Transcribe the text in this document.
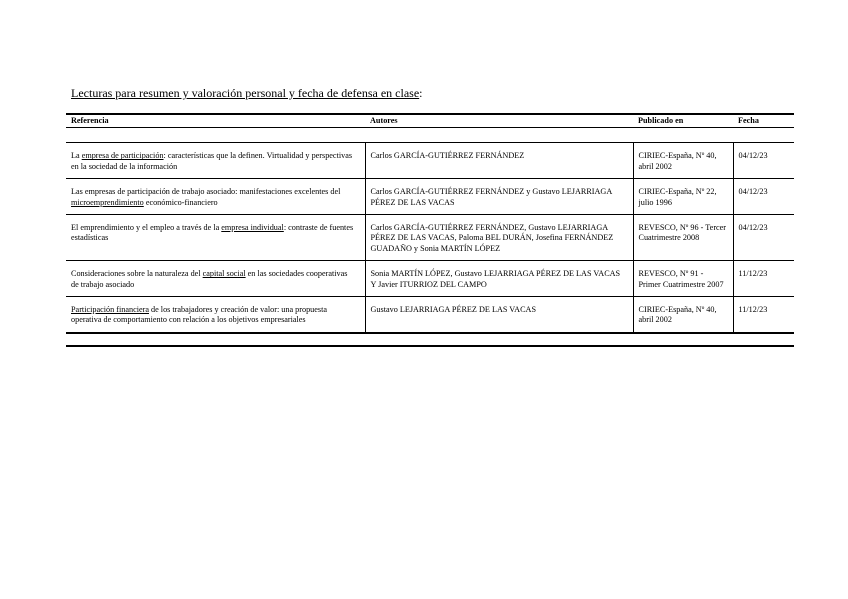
Lecturas para resumen y valoración personal y fecha de defensa en clase:
Referencia	Autores	Publicado en	Fecha

La empresa de participación: características que la definen. Virtualidad y perspectivas en la sociedad de la información	Carlos GARCÍA-GUTIÉRREZ FERNÁNDEZ	CIRIEC-España, Nº 40, abril 2002	04/12/23
Las empresas de participación de trabajo asociado: manifestaciones excelentes del microemprendimiento económico-financiero	Carlos GARCÍA-GUTIÉRREZ FERNÁNDEZ y Gustavo LEJARRIAGA PÉREZ DE LAS VACAS	CIRIEC-España, Nº 22, julio 1996	04/12/23
El emprendimiento y el empleo a través de la empresa individual: contraste de fuentes estadísticas	Carlos GARCÍA-GUTIÉRREZ FERNÁNDEZ, Gustavo LEJARRIAGA PÉREZ DE LAS VACAS, Paloma BEL DURÁN, Josefina FERNÁNDEZ GUADAÑO y Sonia MARTÍN LÓPEZ	REVESCO, Nº 96 - Tercer Cuatrimestre 2008	04/12/23
Consideraciones sobre la naturaleza del capital social en las sociedades cooperativas de trabajo asociado	Sonia MARTÍN LÓPEZ, Gustavo LEJARRIAGA PÉREZ DE LAS VACAS Y Javier ITURRIOZ DEL CAMPO	REVESCO, Nº 91 - Primer Cuatrimestre 2007	11/12/23
Participación financiera de los trabajadores y creación de valor: una propuesta operativa de comportamiento con relación a los objetivos empresariales	Gustavo LEJARRIAGA PÉREZ DE LAS VACAS	CIRIEC-España, Nº 40, abril 2002	11/12/23
